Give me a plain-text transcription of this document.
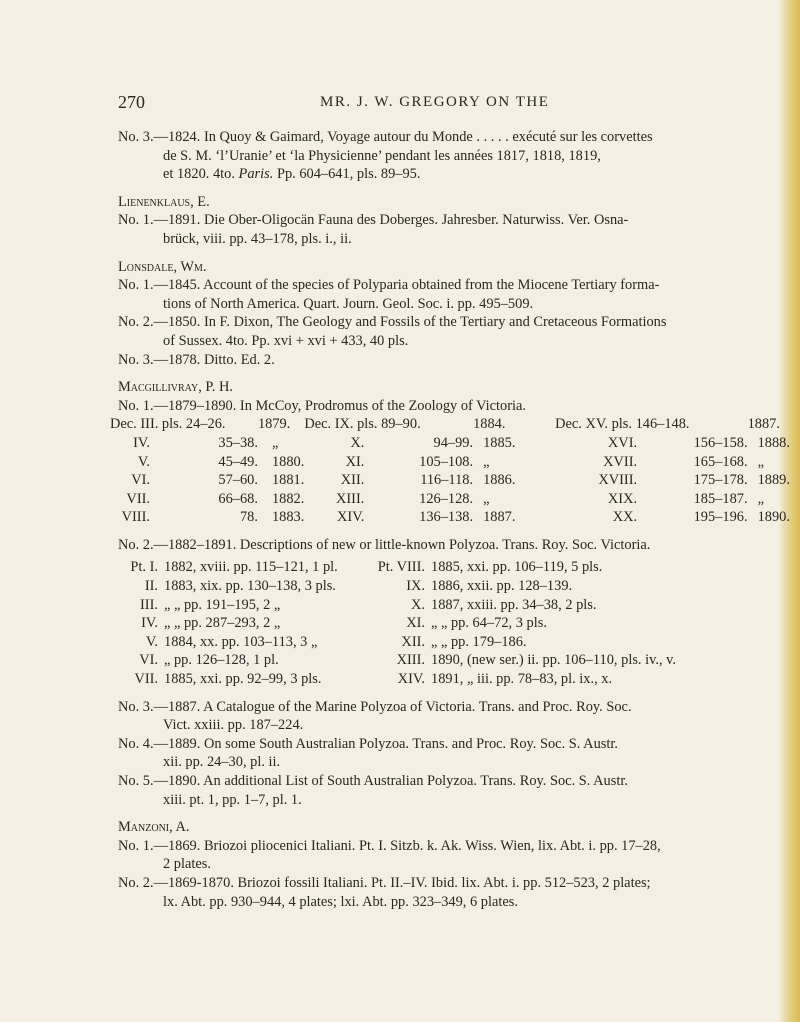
270	MR. J. W. GREGORY ON THE
No. 3.—1824. In Quoy & Gaimard, Voyage autour du Monde . . . . . exécuté sur les corvettes
de S. M. ‘l’Uranie’ et ‘la Physicienne’ pendant les années 1817, 1818, 1819,
et 1820. 4to. Paris. Pp. 604–641, pls. 89–95.
Lienenklaus, E.
No. 1.—1891. Die Ober-Oligocän Fauna des Doberges. Jahresber. Naturwiss. Ver. Osna-
brück, viii. pp. 43–178, pls. i., ii.
Lonsdale, Wm.
No. 1.—1845. Account of the species of Polyparia obtained from the Miocene Tertiary forma-
tions of North America. Quart. Journ. Geol. Soc. i. pp. 495–509.
No. 2.—1850. In F. Dixon, The Geology and Fossils of the Tertiary and Cretaceous Formations
of Sussex. 4to. Pp. xvi + xvi + 433, 40 pls.
No. 3.—1878. Ditto. Ed. 2.
Macgillivray, P. H.
No. 1.—1879–1890. In McCoy, Prodromus of the Zoology of Victoria.
Dec. III. pls. 24–26.		1879.	Dec. IX. pls. 89–90.		1884.	Dec. XV. pls. 146–148.		1887.
IV.	35–38.	„	X.	94–99.	1885.	XVI.	156–158.	1888.
V.	45–49.	1880.	XI.	105–108.	„	XVII.	165–168.	„
VI.	57–60.	1881.	XII.	116–118.	1886.	XVIII.	175–178.	1889.
VII.	66–68.	1882.	XIII.	126–128.	„	XIX.	185–187.	„
VIII.	78.	1883.	XIV.	136–138.	1887.	XX.	195–196.	1890.
No. 2.—1882–1891. Descriptions of new or little-known Polyzoa. Trans. Roy. Soc. Victoria.
Pt. I. 1882, xviii. pp. 115–121, 1 pl.
II. 1883, xix. pp. 130–138, 3 pls.
III. „ „ pp. 191–195, 2 „
IV. „ „ pp. 287–293, 2 „
V. 1884, xx. pp. 103–113, 3 „
VI. „ pp. 126–128, 1 pl.
VII. 1885, xxi. pp. 92–99, 3 pls.
Pt. VIII. 1885, xxi. pp. 106–119, 5 pls.
IX. 1886, xxii. pp. 128–139.
X. 1887, xxiii. pp. 34–38, 2 pls.
XI. „ „ pp. 64–72, 3 pls.
XII. „ „ pp. 179–186.
XIII. 1890, (new ser.) ii. pp. 106–110, pls. iv., v.
XIV. 1891, „ iii. pp. 78–83, pl. ix., x.
No. 3.—1887. A Catalogue of the Marine Polyzoa of Victoria. Trans. and Proc. Roy. Soc.
Vict. xxiii. pp. 187–224.
No. 4.—1889. On some South Australian Polyzoa. Trans. and Proc. Roy. Soc. S. Austr.
xii. pp. 24–30, pl. ii.
No. 5.—1890. An additional List of South Australian Polyzoa. Trans. Roy. Soc. S. Austr.
xiii. pt. 1, pp. 1–7, pl. 1.
Manzoni, A.
No. 1.—1869. Briozoi pliocenici Italiani. Pt. I. Sitzb. k. Ak. Wiss. Wien, lix. Abt. i. pp. 17–28,
2 plates.
No. 2.—1869-1870. Briozoi fossili Italiani. Pt. II.–IV. Ibid. lix. Abt. i. pp. 512–523, 2 plates;
lx. Abt. pp. 930–944, 4 plates; lxi. Abt. pp. 323–349, 6 plates.
